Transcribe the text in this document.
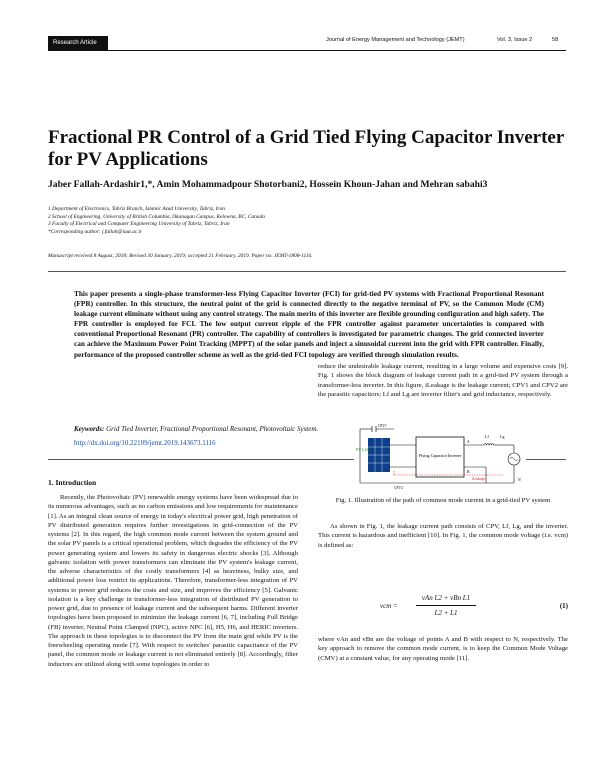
Research Article	Journal of Energy Management and Technology (JEMT)	Vol. 3, Issue 2	58
Fractional PR Control of a Grid Tied Flying Capacitor Inverter for PV Applications
Jaber Fallah-Ardashir1,*, Amin Mohammadpour Shotorbani2, Hossein Khoun-Jahan and Mehran sabahi3
1 Department of Electronics, Tabriz Branch, Islamic Azad University, Tabriz, Iran
2 School of Engineering, University of British Columbia, Okanagan Campus, Kelowna, BC, Canada
3 Faculty of Electrical and Computer Engineering University of Tabriz, Tabriz, Iran
*Corresponding author: j.fallah@iaut.ac.ir
Manuscript received 8 August, 2018; Revised 30 January, 2019; accepted 21 February, 2019. Paper no. JEMT-1808-1116.
This paper presents a single-phase transformer-less Flying Capacitor Inverter (FCI) for grid-tied PV systems with Fractional Proportional Resonant (FPR) controller. In this structure, the neutral point of the grid is connected directly to the negative terminal of PV, so the Common Mode (CM) leakage current eliminate without using any control strategy. The main merits of this inverter are flexible grounding configuration and high safety. The FPR controller is employed for FCI. The low output current ripple of the FPR controller against parameter uncertainties is compared with conventional Proportional Resonant (PR) controller. The capability of controllers is investigated for parametric changes. The grid connected inverter can achieve the Maximum Power Point Tracking (MPPT) of the solar panels and inject a sinusoidal current into the grid with FPR controller. Finally, performance of the proposed controller scheme as well as the grid-tied FCI topology are verified through simulation results.
Keywords: Grid Tied Inverter, Fractional Proportional Resonant, Photovoltaic System.
http://dx.doi.org/10.22109/jemt.2019.143673.1116
1. Introduction

Recently, the Photovoltaic (PV) renewable energy systems have been widespread due to its numerous advantages, such as no carbon emissions and low requirements for maintenance [1]. As an integral clean source of energy in today's electrical power grid, high penetration of PV distributed generation requires further investigations in grid-connection of the PV systems [2]. In this regard, the high common mode current between the system ground and the solar PV panels is a critical operational problem, which degrades the efficiency of the PV power generating system and lowers its safety in dangerous electric shocks [3]. Although galvanic isolation with power transformers can eliminate the PV system's leakage current, the adverse characteristics of the costly transformers [4] as heaviness, bulky size, and additional power loss restrict its applications. Therefore, transformer-less integration of PV systems to power grid reduces the costs and size, and improves the efficiency [5]. Galvanic isolation is a key challenge in transformer-less integration of distributed PV generation to power grid, due to presence of leakage current and the subsequent harms. Different inverter topologies have been proposed to minimize the leakage current [6, 7], including Full Bridge (FB) inverter, Neutral Point Clamped (NPC), active NPC [6], H5, H6, and HERIC inverters. The approach in these topologies is to disconnect the PV from the main grid while PV is the freewheeling operating mode [7]. With respect to switches' parasitic capacitance of the PV panel, the common mode or leakage current is not eliminated entirely [8]. Accordingly, filter inductors are utilized along with some topologies in order to

reduce the undesirable leakage current, resulting in a large volume and expensive costs [9]. Fig. 1 shows the block diagram of leakage current path in a grid-tied PV system through a transformer-less inverter. In this figure, iLeakage is the leakage current; CPV1 and CPV2 are the parasitic capacitors; Lf and Lg are inverter filter's and grid inductance, respectively.

PV Cell
Flying Capacitor Inverter
Lf	Lg
CPV1
CPV2
iLeakage
A
B
N
Fig. 1. Illustration of the path of common mode current in a grid-tied PV system

As shown in Fig. 1, the leakage current path consists of CPV, Lf, Lg, and the inverter. This current is hazardous and inefficient [10]. In Fig. 1, the common mode voltage (i.e. vcm) is defined as:

vcm =
vAn L2 + vBn L1
L2 + L1
(1)

where vAn and vBn are the voltage of points A and B with respect to N, respectively. The key approach to remove the common mode current, is to keep the Common Mode Voltage (CMV) at a constant value, for any operating mode [11].
